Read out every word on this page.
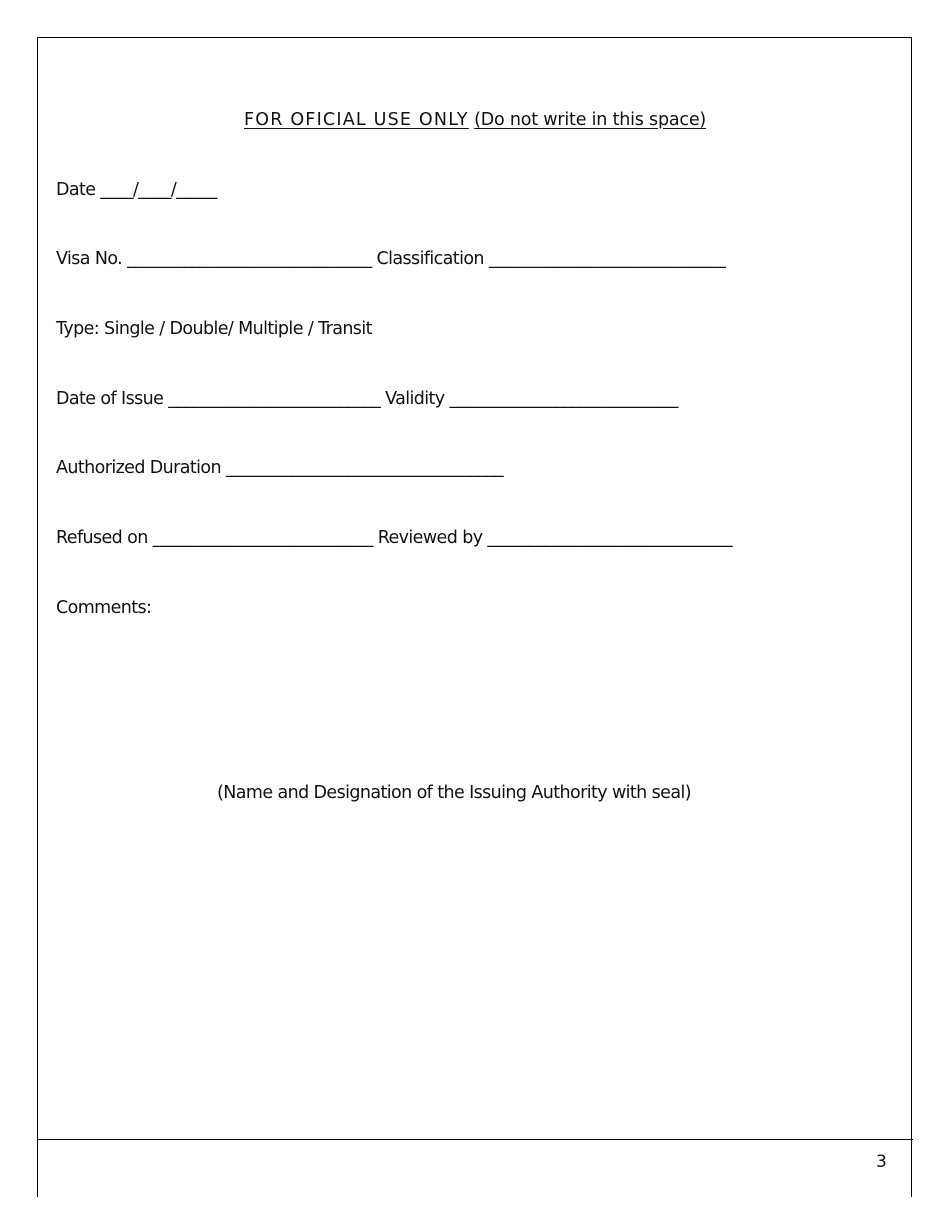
FOR OFICIAL USE ONLY (Do not write in this space)
Date ____/____/_____
Visa No. ______________________________ Classification _____________________________
Type: Single / Double/ Multiple / Transit
Date of Issue __________________________ Validity ____________________________
Authorized Duration __________________________________
Refused on ___________________________ Reviewed by ______________________________
Comments:
(Name and Designation of the Issuing Authority with seal)
3
